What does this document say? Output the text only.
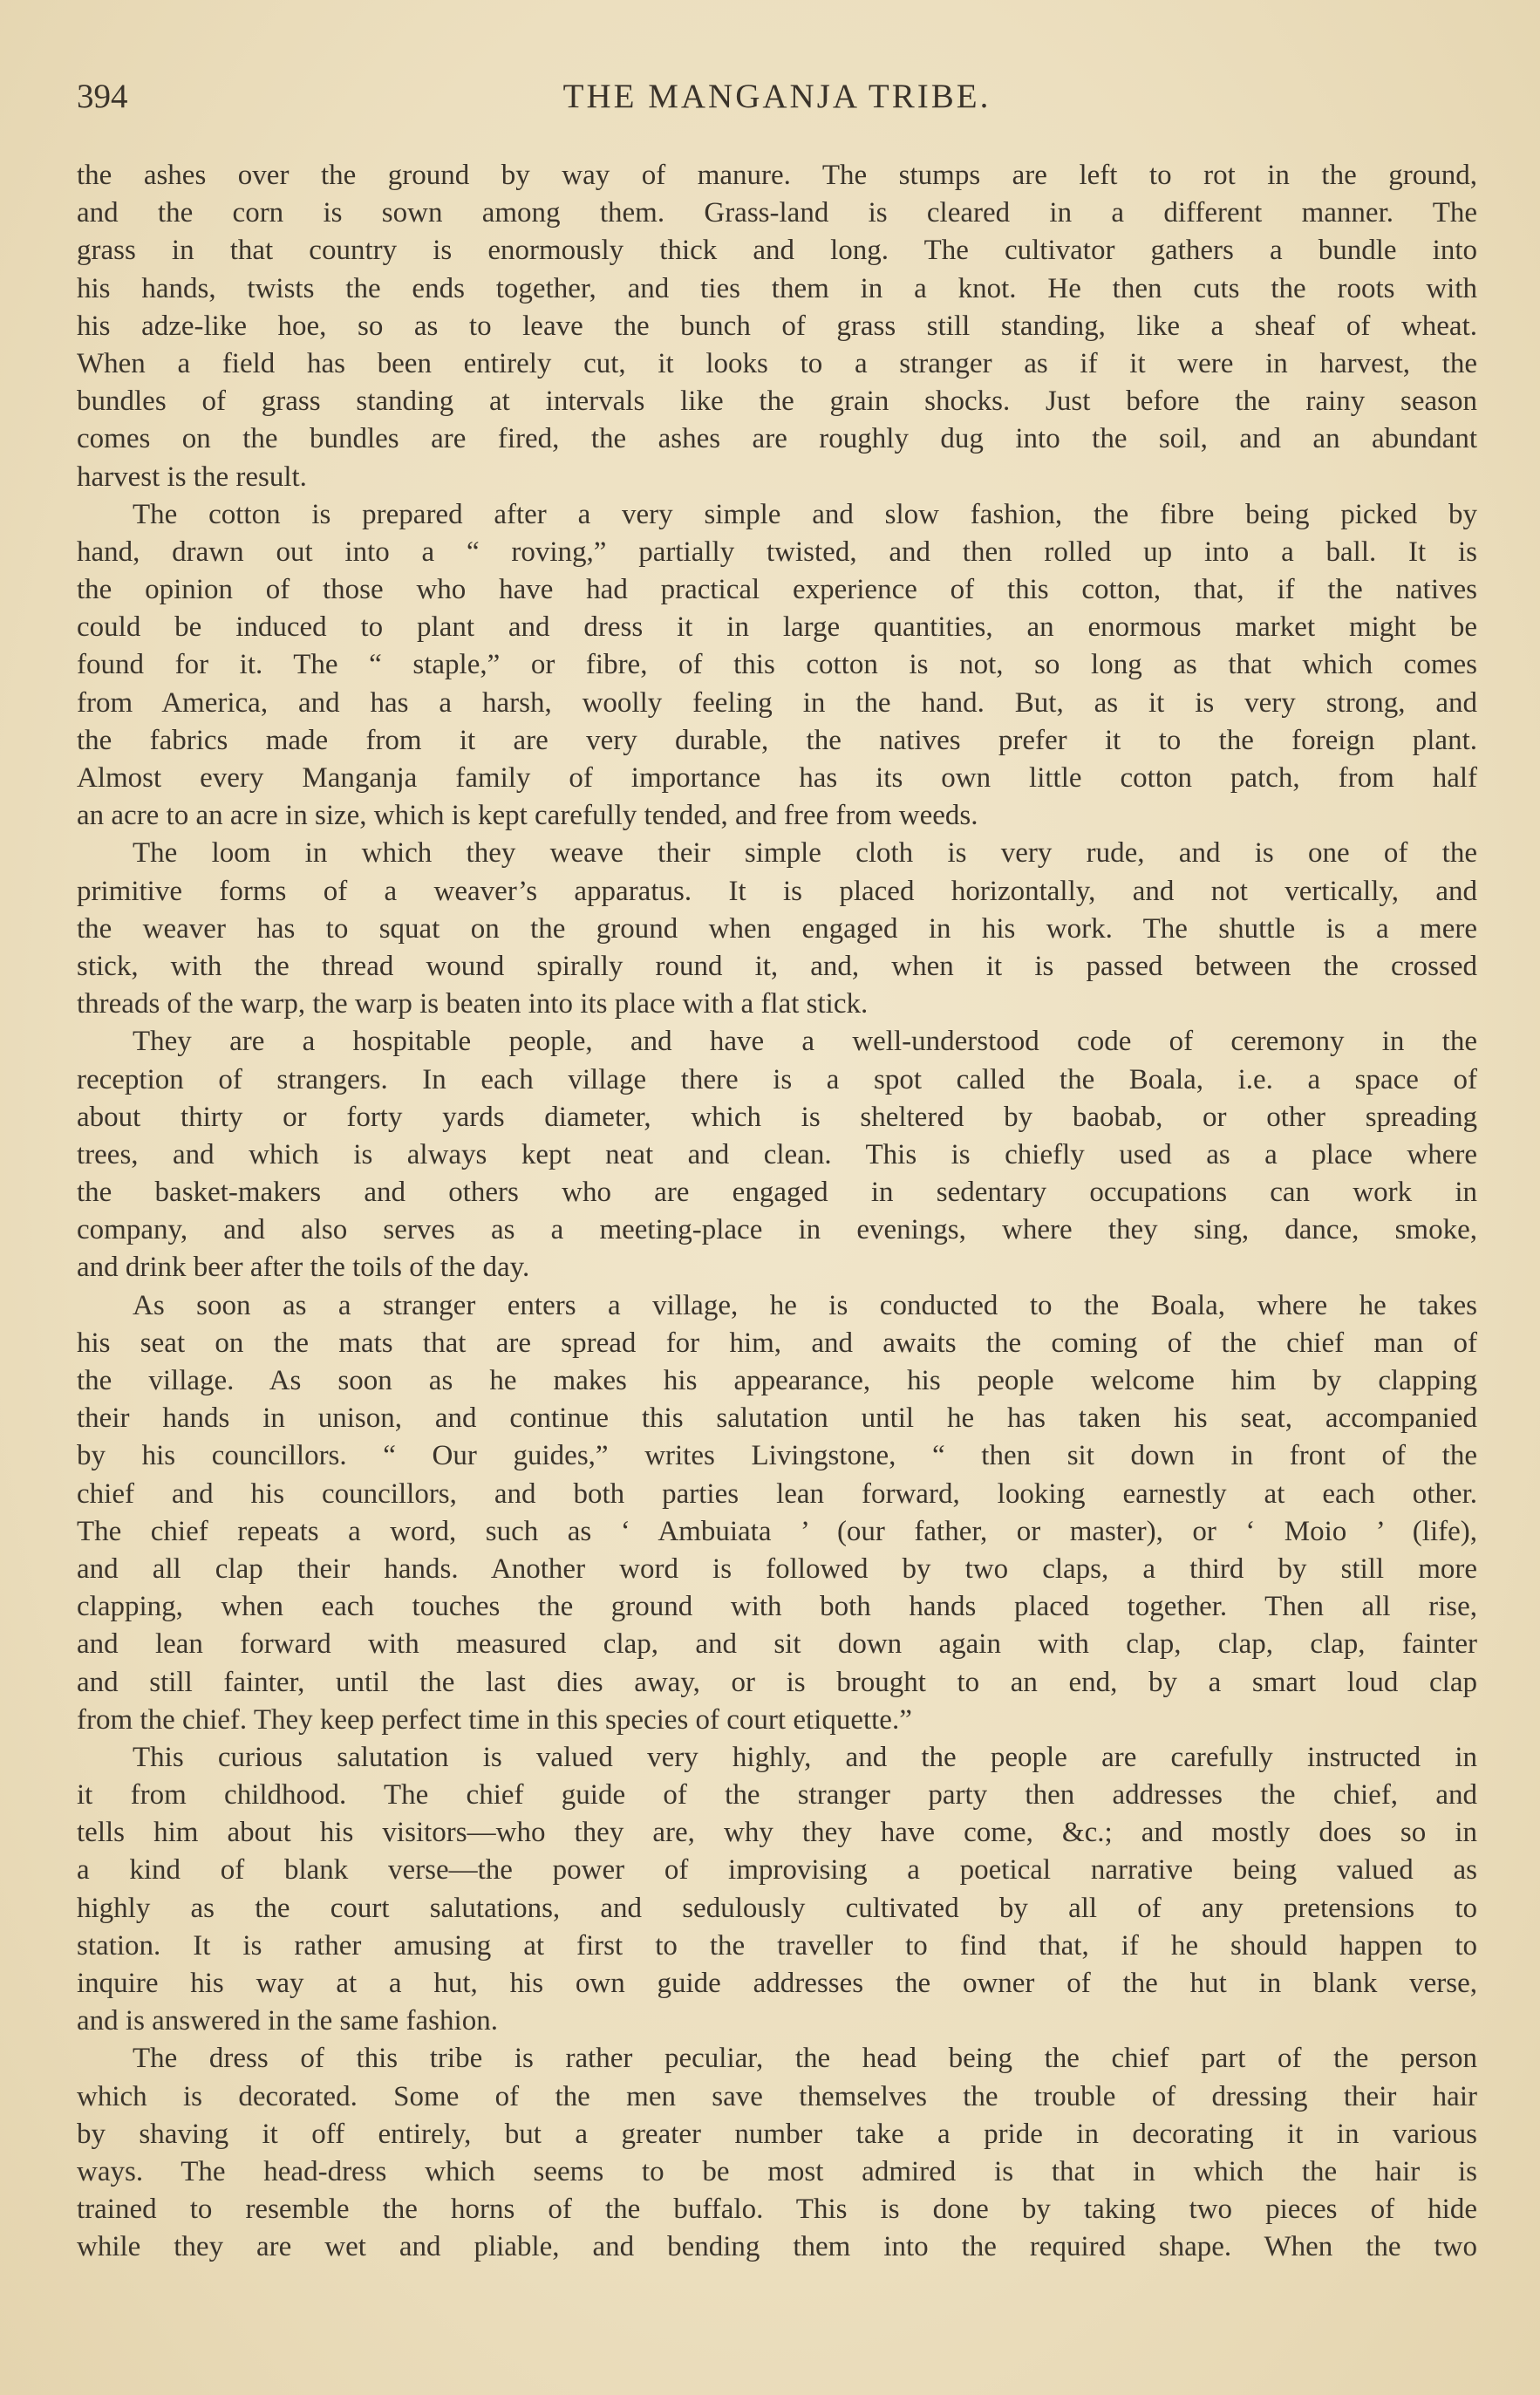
394	THE MANGANJA TRIBE.
the ashes over the ground by way of manure. The stumps are left to rot in the ground,
and the corn is sown among them. Grass-land is cleared in a different manner. The
grass in that country is enormously thick and long. The cultivator gathers a bundle into
his hands, twists the ends together, and ties them in a knot. He then cuts the roots with
his adze-like hoe, so as to leave the bunch of grass still standing, like a sheaf of wheat.
When a field has been entirely cut, it looks to a stranger as if it were in harvest, the
bundles of grass standing at intervals like the grain shocks. Just before the rainy season
comes on the bundles are fired, the ashes are roughly dug into the soil, and an abundant
harvest is the result.
The cotton is prepared after a very simple and slow fashion, the fibre being picked by
hand, drawn out into a “ roving,” partially twisted, and then rolled up into a ball. It is
the opinion of those who have had practical experience of this cotton, that, if the natives
could be induced to plant and dress it in large quantities, an enormous market might be
found for it. The “ staple,” or fibre, of this cotton is not, so long as that which comes
from America, and has a harsh, woolly feeling in the hand. But, as it is very strong, and
the fabrics made from it are very durable, the natives prefer it to the foreign plant.
Almost every Manganja family of importance has its own little cotton patch, from half
an acre to an acre in size, which is kept carefully tended, and free from weeds.
The loom in which they weave their simple cloth is very rude, and is one of the
primitive forms of a weaver’s apparatus. It is placed horizontally, and not vertically, and
the weaver has to squat on the ground when engaged in his work. The shuttle is a mere
stick, with the thread wound spirally round it, and, when it is passed between the crossed
threads of the warp, the warp is beaten into its place with a flat stick.
They are a hospitable people, and have a well-understood code of ceremony in the
reception of strangers. In each village there is a spot called the Boala, i.e. a space of
about thirty or forty yards diameter, which is sheltered by baobab, or other spreading
trees, and which is always kept neat and clean. This is chiefly used as a place where
the basket-makers and others who are engaged in sedentary occupations can work in
company, and also serves as a meeting-place in evenings, where they sing, dance, smoke,
and drink beer after the toils of the day.
As soon as a stranger enters a village, he is conducted to the Boala, where he takes
his seat on the mats that are spread for him, and awaits the coming of the chief man of
the village. As soon as he makes his appearance, his people welcome him by clapping
their hands in unison, and continue this salutation until he has taken his seat, accompanied
by his councillors. “ Our guides,” writes Livingstone, “ then sit down in front of the
chief and his councillors, and both parties lean forward, looking earnestly at each other.
The chief repeats a word, such as ‘ Ambuiata ’ (our father, or master), or ‘ Moio ’ (life),
and all clap their hands. Another word is followed by two claps, a third by still more
clapping, when each touches the ground with both hands placed together. Then all rise,
and lean forward with measured clap, and sit down again with clap, clap, clap, fainter
and still fainter, until the last dies away, or is brought to an end, by a smart loud clap
from the chief. They keep perfect time in this species of court etiquette.”
This curious salutation is valued very highly, and the people are carefully instructed in
it from childhood. The chief guide of the stranger party then addresses the chief, and
tells him about his visitors—who they are, why they have come, &c.; and mostly does so in
a kind of blank verse—the power of improvising a poetical narrative being valued as
highly as the court salutations, and sedulously cultivated by all of any pretensions to
station. It is rather amusing at first to the traveller to find that, if he should happen to
inquire his way at a hut, his own guide addresses the owner of the hut in blank verse,
and is answered in the same fashion.
The dress of this tribe is rather peculiar, the head being the chief part of the person
which is decorated. Some of the men save themselves the trouble of dressing their hair
by shaving it off entirely, but a greater number take a pride in decorating it in various
ways. The head-dress which seems to be most admired is that in which the hair is
trained to resemble the horns of the buffalo. This is done by taking two pieces of hide
while they are wet and pliable, and bending them into the required shape. When the two
